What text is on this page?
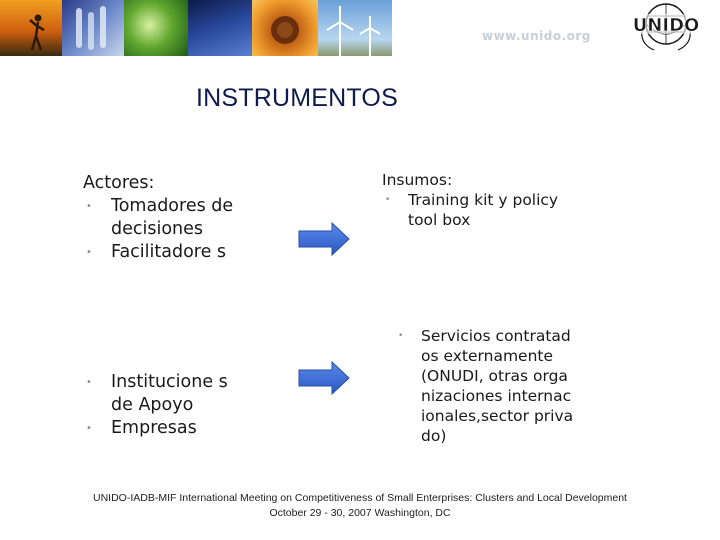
www.unido.org UNIDO
INSTRUMENTOS
Actores:
• Tomadores de decisiones
• Facilitadore s
• Institucione s de Apoyo
• Empresas
Insumos:
• Training kit y policy tool box
• Servicios contratados externamente (ONUDI, otras organizaciones internacionales,sector privado)
UNIDO-IADB-MIF International Meeting on Competitiveness of Small Enterprises: Clusters and Local Development
October 29 - 30, 2007 Washington, DC
